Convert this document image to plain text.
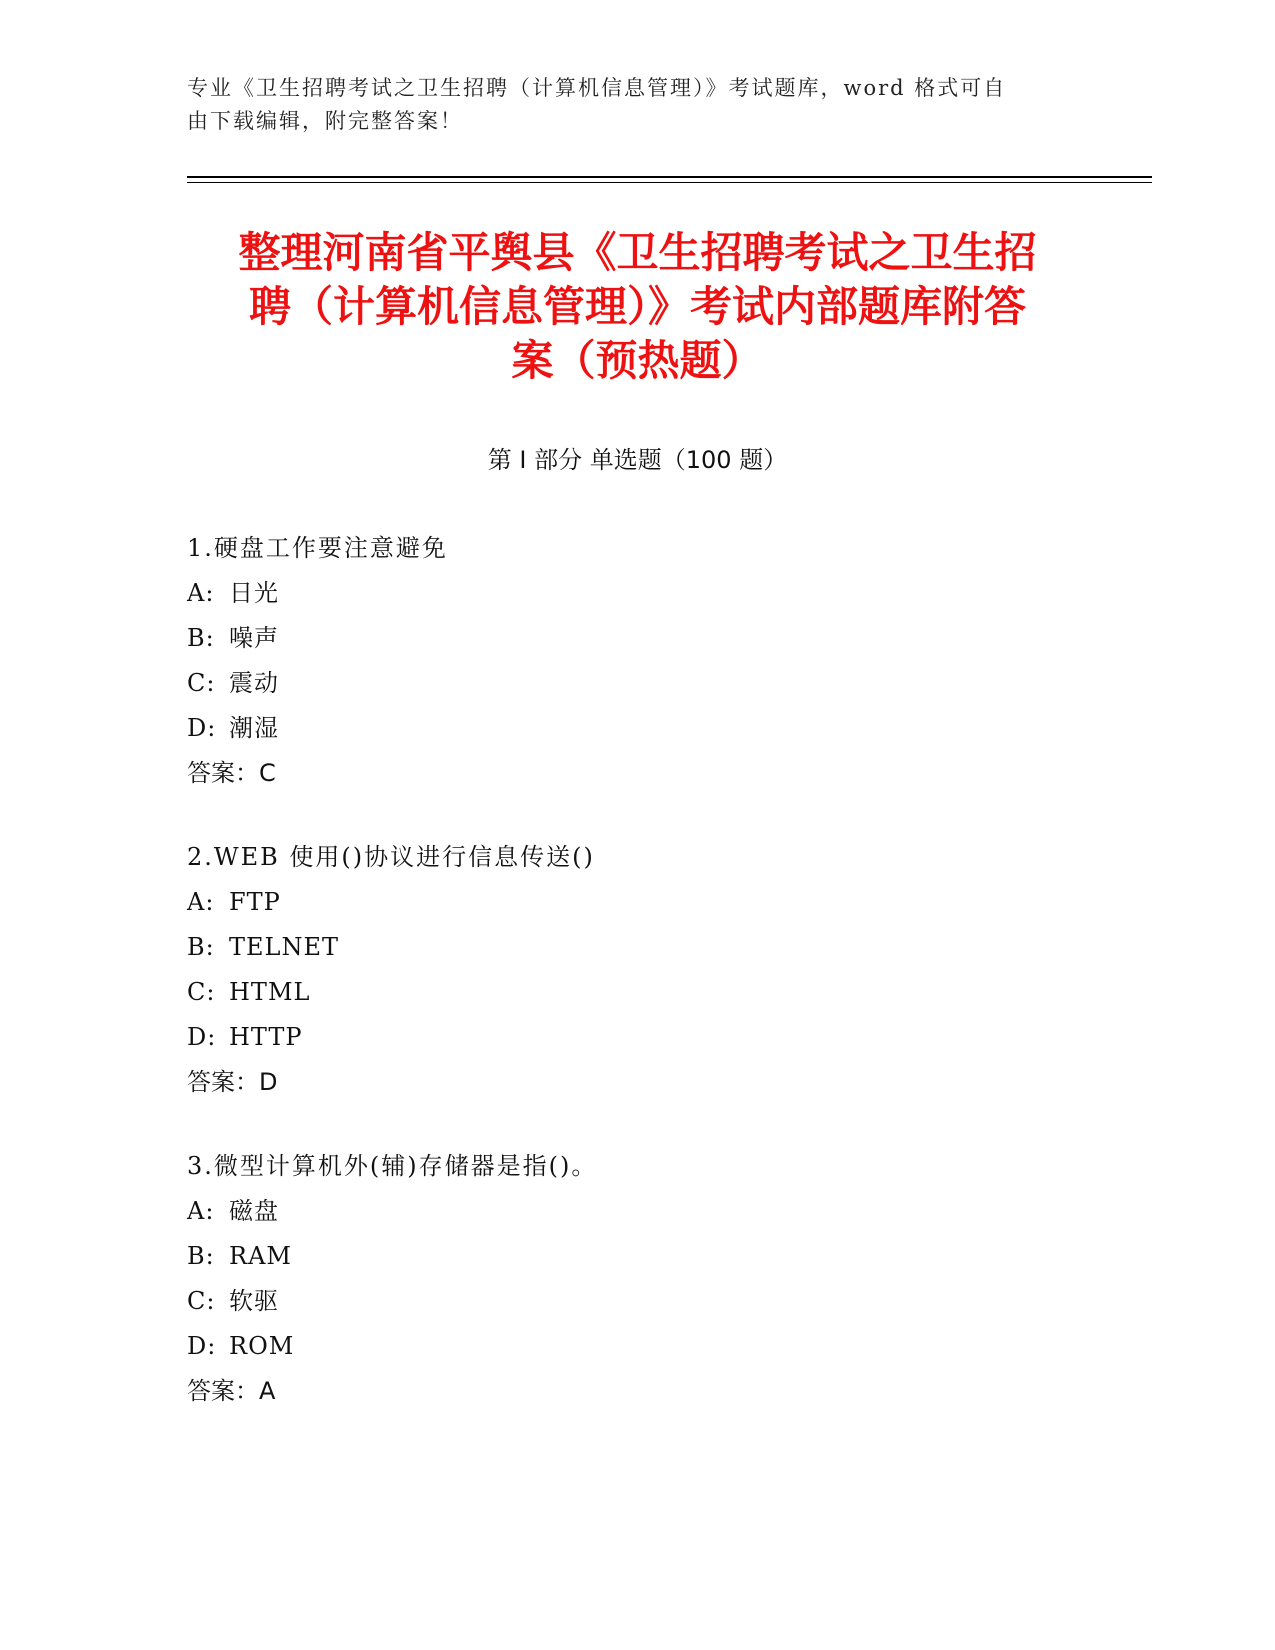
专业《卫生招聘考试之卫生招聘（计算机信息管理）》考试题库，word 格式可自
由下载编辑，附完整答案！
整理河南省平舆县《卫生招聘考试之卫生招
聘（计算机信息管理）》考试内部题库附答
案（预热题）
第 I 部分 单选题（100 题）
1.硬盘工作要注意避免
A: 日光
B: 噪声
C: 震动
D: 潮湿
答案：C
2.WEB 使用()协议进行信息传送()
A: FTP
B: TELNET
C: HTML
D: HTTP
答案：D
3.微型计算机外(辅)存储器是指()。
A: 磁盘
B: RAM
C: 软驱
D: ROM
答案：A
